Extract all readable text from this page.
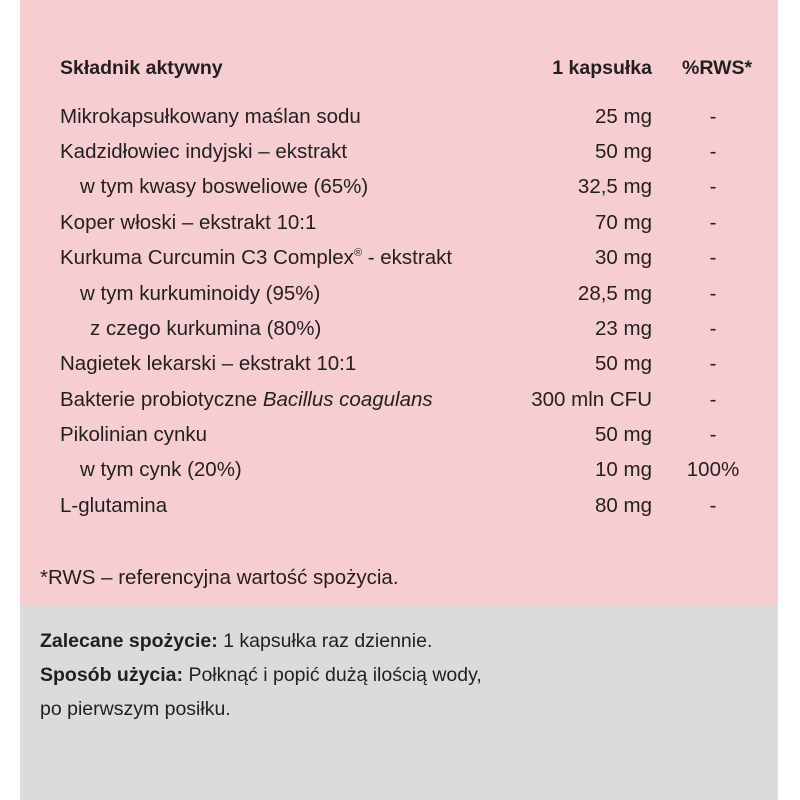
Składnik aktywny	1 kapsułka %RWS*
Mikrokapsułkowany maślan sodu	25 mg	-
Kadzidłowiec indyjski – ekstrakt	50 mg	-
w tym kwasy bosweliowe (65%)	32,5 mg	-
Koper włoski – ekstrakt 10:1	70 mg	-
Kurkuma Curcumin C3 Complex® - ekstrakt	30 mg	-
w tym kurkuminoidy (95%)	28,5 mg	-
z czego kurkumina (80%)	23 mg	-
Nagietek lekarski – ekstrakt 10:1	50 mg	-
Bakterie probiotyczne Bacillus coagulans	300 mln CFU	-
Pikolinian cynku	50 mg	-
w tym cynk (20%)	10 mg	100%
L-glutamina	80 mg	-
*RWS – referencyjna wartość spożycia.
Zalecane spożycie: 1 kapsułka raz dziennie.
Sposób użycia: Połknąć i popić dużą ilością wody,
po pierwszym posiłku.
